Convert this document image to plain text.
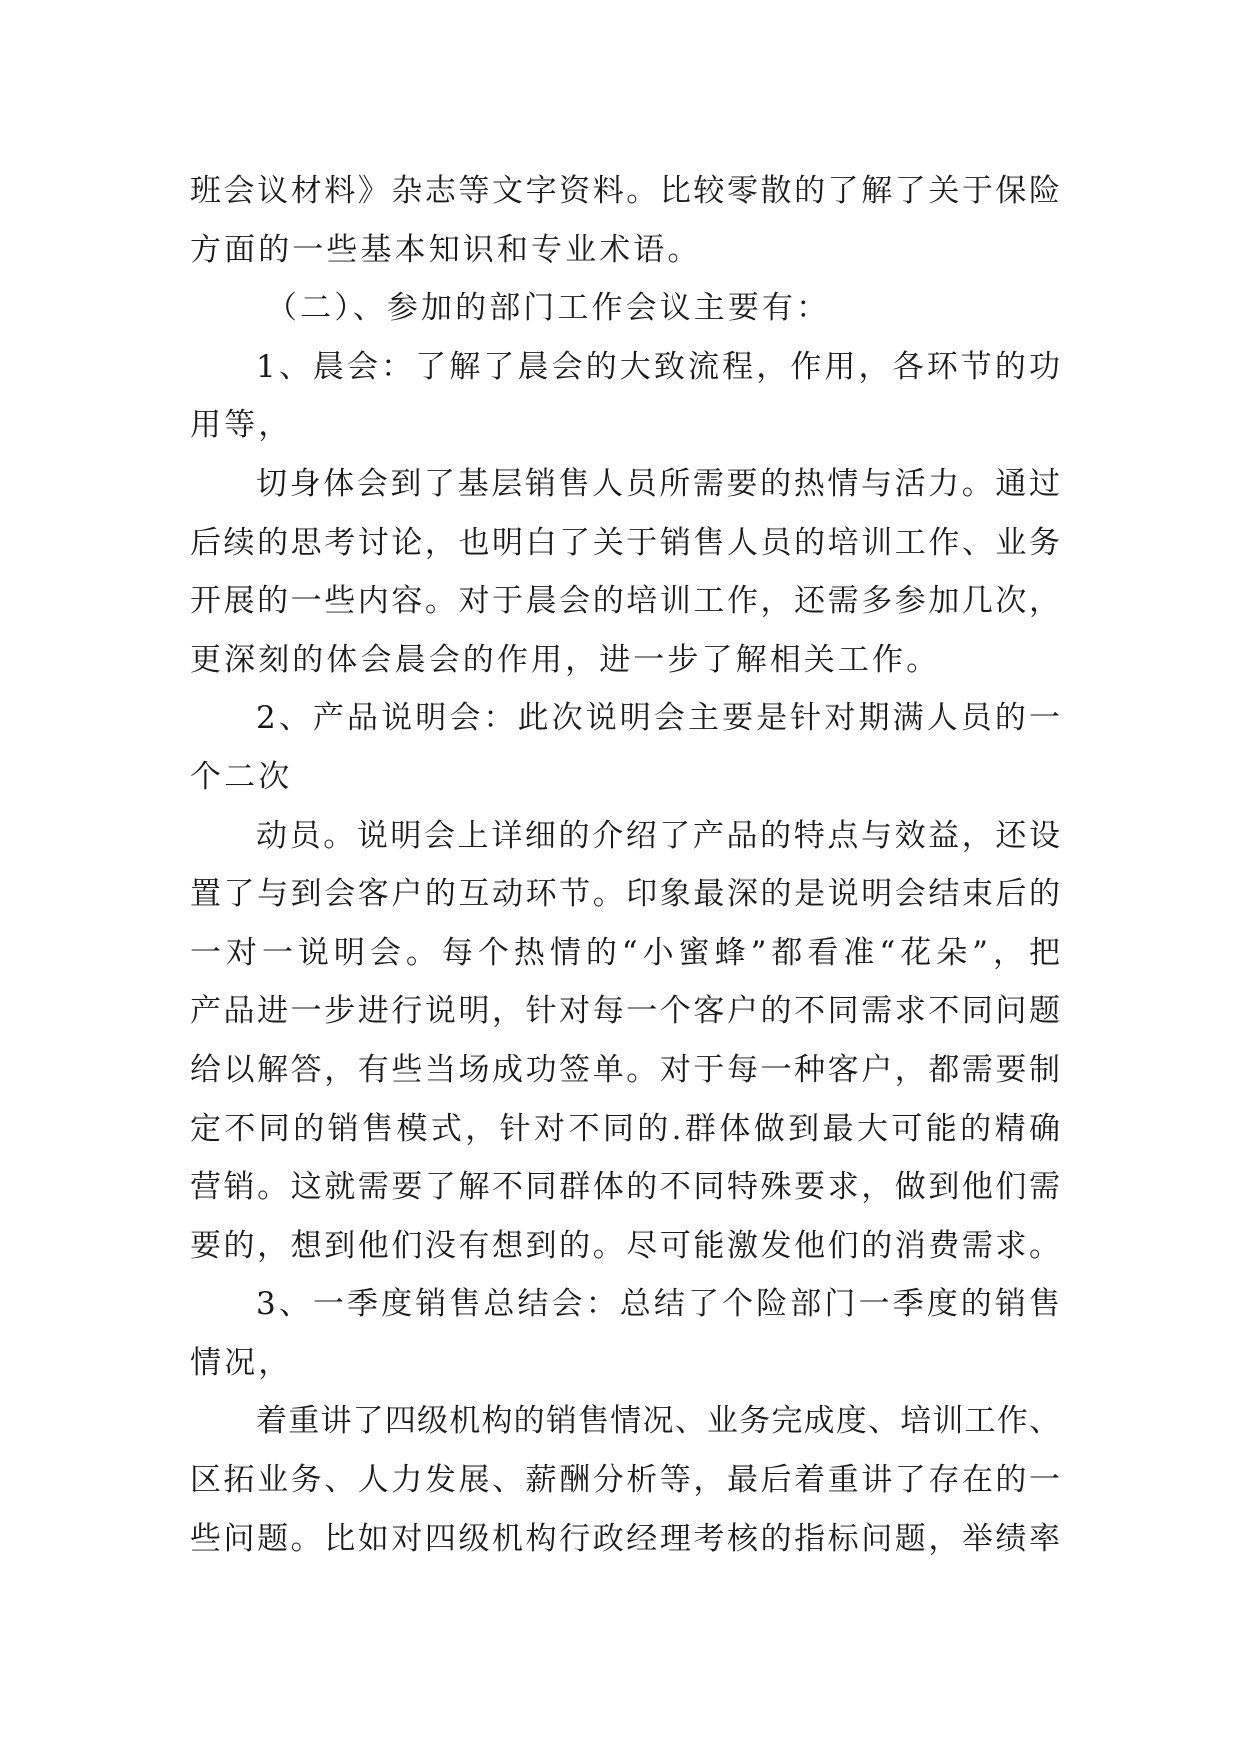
班会议材料》杂志等文字资料。比较零散的了解了关于保险
方面的一些基本知识和专业术语。
（二）、参加的部门工作会议主要有：
1、晨会：了解了晨会的大致流程，作用，各环节的功
用等，
切身体会到了基层销售人员所需要的热情与活力。通过
后续的思考讨论，也明白了关于销售人员的培训工作、业务
开展的一些内容。对于晨会的培训工作，还需多参加几次，
更深刻的体会晨会的作用，进一步了解相关工作。
2、产品说明会：此次说明会主要是针对期满人员的一
个二次
动员。说明会上详细的介绍了产品的特点与效益，还设
置了与到会客户的互动环节。印象最深的是说明会结束后的
一对一说明会。每个热情的“小蜜蜂”都看准“花朵”，把
产品进一步进行说明，针对每一个客户的不同需求不同问题
给以解答，有些当场成功签单。对于每一种客户，都需要制
定不同的销售模式，针对不同的.群体做到最大可能的精确
营销。这就需要了解不同群体的不同特殊要求，做到他们需
要的，想到他们没有想到的。尽可能激发他们的消费需求。
3、一季度销售总结会：总结了个险部门一季度的销售
情况，
着重讲了四级机构的销售情况、业务完成度、培训工作、
区拓业务、人力发展、薪酬分析等，最后着重讲了存在的一
些问题。比如对四级机构行政经理考核的指标问题，举绩率
